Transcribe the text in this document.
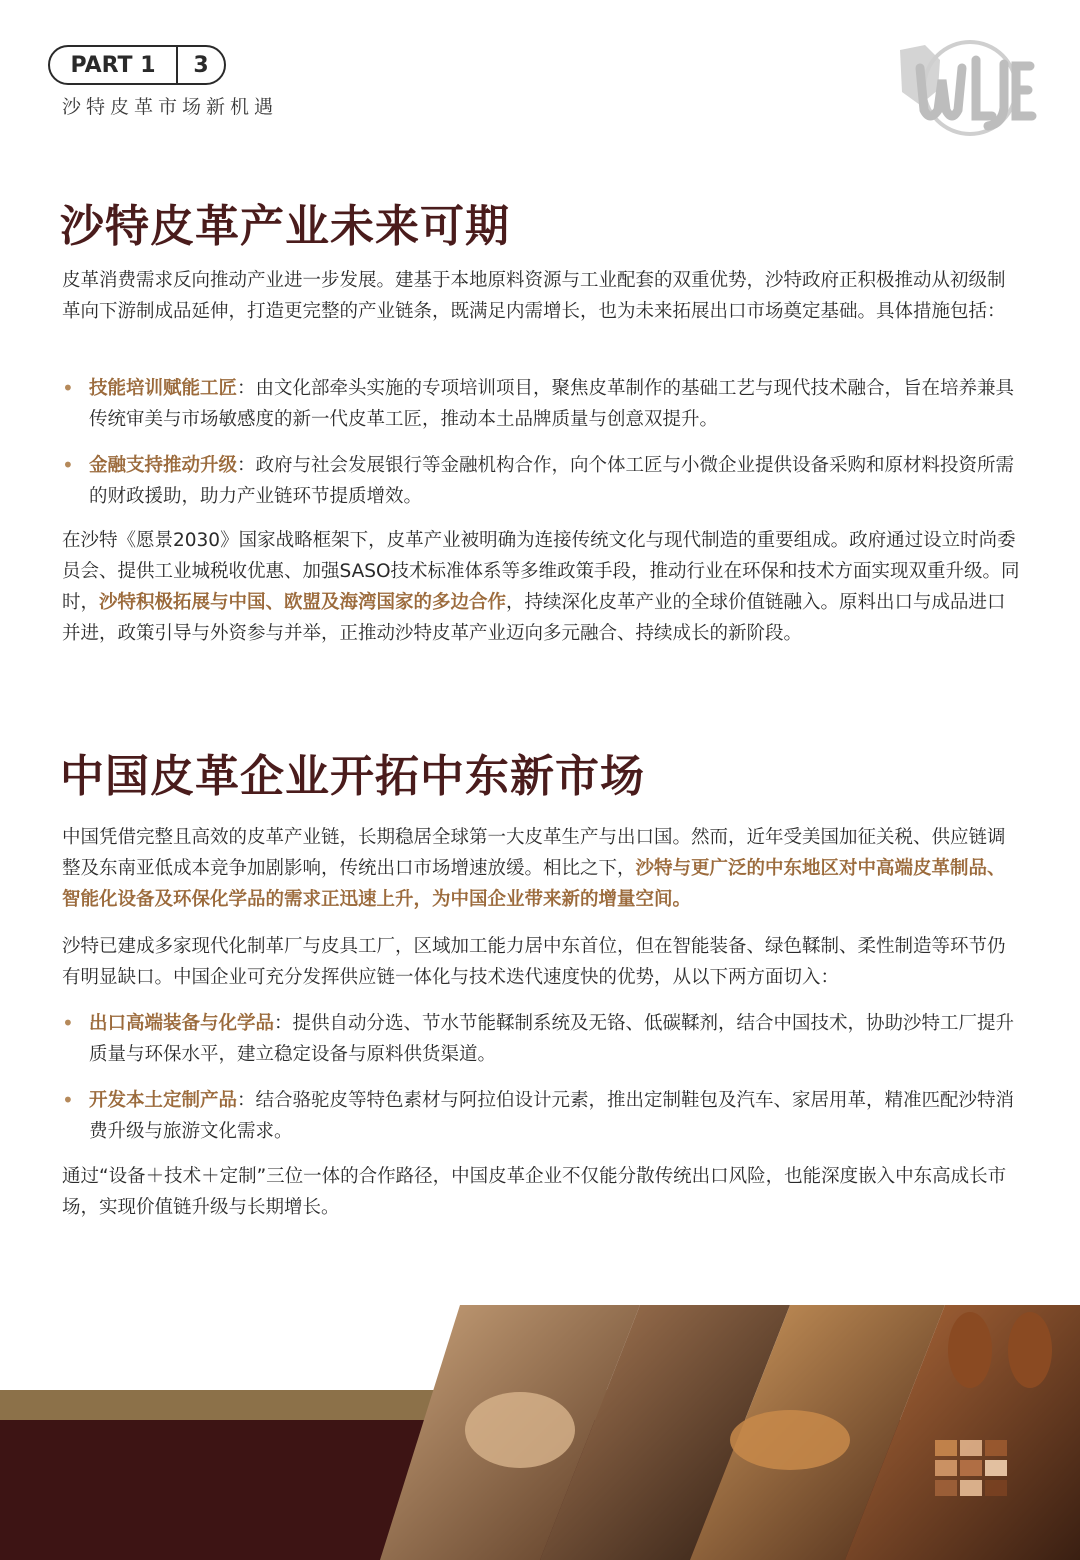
PART 1	3
沙特皮革市场新机遇
沙特皮革产业未来可期

皮革消费需求反向推动产业进一步发展。建基于本地原料资源与工业配套的双重优势，沙特政府正积极推动从初级制革向下游制成品延伸，打造更完整的产业链条，既满足内需增长，也为未来拓展出口市场奠定基础。具体措施包括：

• 技能培训赋能工匠：由文化部牵头实施的专项培训项目，聚焦皮革制作的基础工艺与现代技术融合，旨在培养兼具传统审美与市场敏感度的新一代皮革工匠，推动本土品牌质量与创意双提升。
• 金融支持推动升级：政府与社会发展银行等金融机构合作，向个体工匠与小微企业提供设备采购和原材料投资所需的财政援助，助力产业链环节提质增效。

在沙特《愿景2030》国家战略框架下，皮革产业被明确为连接传统文化与现代制造的重要组成。政府通过设立时尚委员会、提供工业城税收优惠、加强SASO技术标准体系等多维政策手段，推动行业在环保和技术方面实现双重升级。同时，沙特积极拓展与中国、欧盟及海湾国家的多边合作，持续深化皮革产业的全球价值链融入。原料出口与成品进口并进，政策引导与外资参与并举，正推动沙特皮革产业迈向多元融合、持续成长的新阶段。

中国皮革企业开拓中东新市场

中国凭借完整且高效的皮革产业链，长期稳居全球第一大皮革生产与出口国。然而，近年受美国加征关税、供应链调整及东南亚低成本竞争加剧影响，传统出口市场增速放缓。相比之下，沙特与更广泛的中东地区对中高端皮革制品、智能化设备及环保化学品的需求正迅速上升，为中国企业带来新的增量空间。

沙特已建成多家现代化制革厂与皮具工厂，区域加工能力居中东首位，但在智能装备、绿色鞣制、柔性制造等环节仍有明显缺口。中国企业可充分发挥供应链一体化与技术迭代速度快的优势，从以下两方面切入：

• 出口高端装备与化学品：提供自动分选、节水节能鞣制系统及无铬、低碳鞣剂，结合中国技术，协助沙特工厂提升质量与环保水平，建立稳定设备与原料供货渠道。
• 开发本土定制产品：结合骆驼皮等特色素材与阿拉伯设计元素，推出定制鞋包及汽车、家居用革，精准匹配沙特消费升级与旅游文化需求。

通过“设备＋技术＋定制”三位一体的合作路径，中国皮革企业不仅能分散传统出口风险，也能深度嵌入中东高成长市场，实现价值链升级与长期增长。
